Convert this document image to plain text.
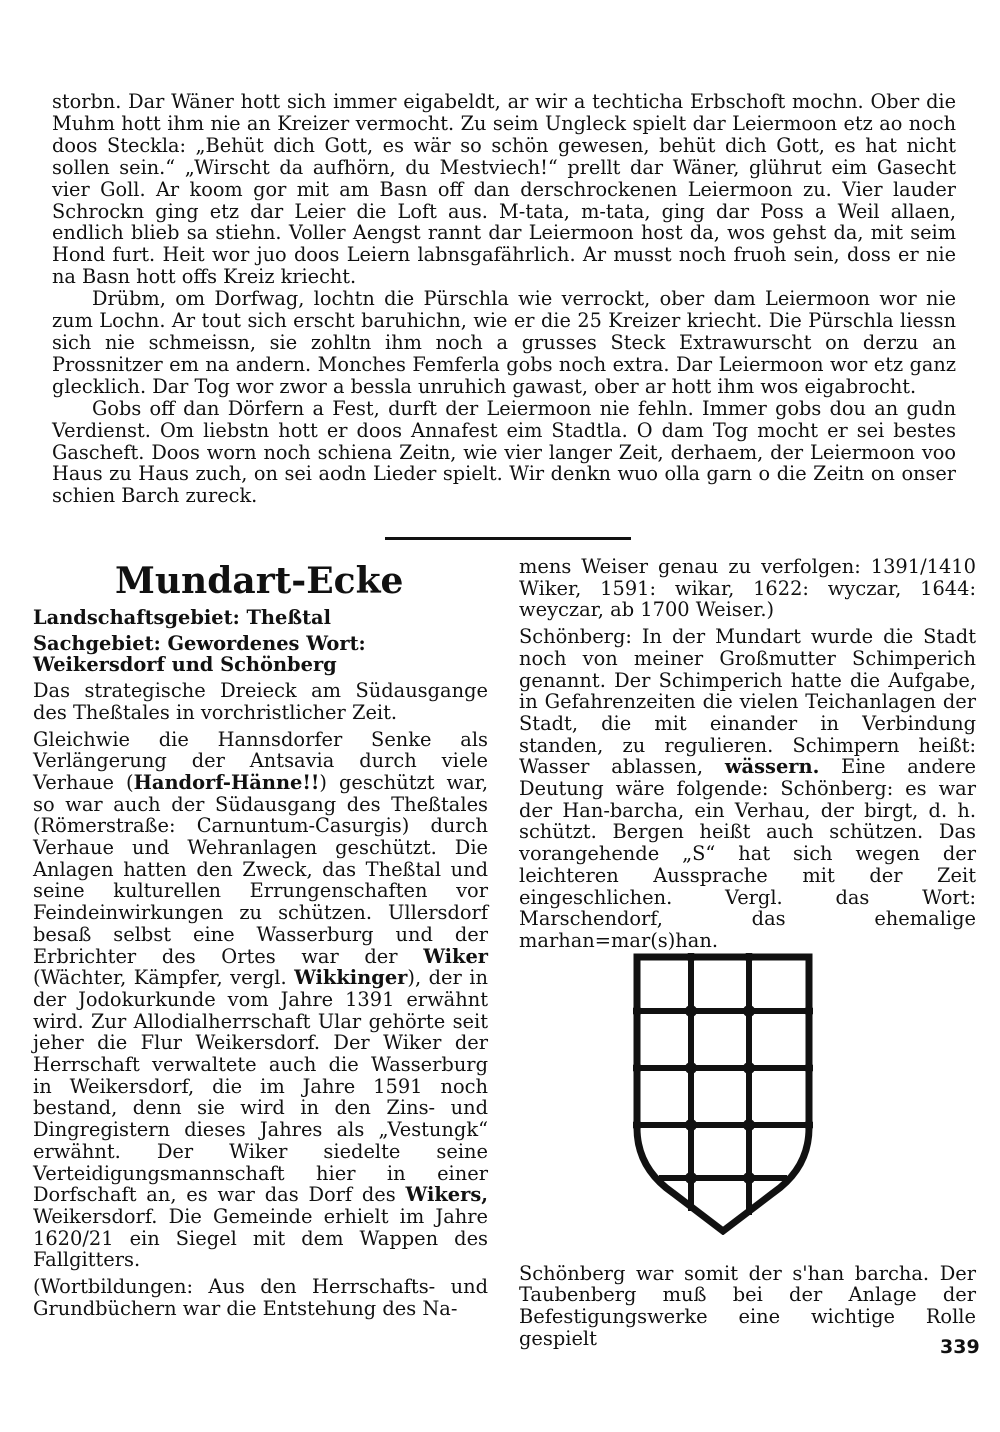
storbn. Dar Wäner hott sich immer eigabeldt, ar wir a techticha Erbschoft mochn. Ober die Muhm hott ihm nie an Kreizer vermocht. Zu seim Ungleck spielt dar Leiermoon etz ao noch doos Steckla: „Behüt dich Gott, es wär so schön gewesen, behüt dich Gott, es hat nicht sollen sein.“ „Wirscht da aufhörn, du Mestviech!“ prellt dar Wäner, glührut eim Gasecht vier Goll. Ar koom gor mit am Basn off dan derschrockenen Leiermoon zu. Vier lauder Schrockn ging etz dar Leier die Loft aus. M-tata, m-tata, ging dar Poss a Weil allaen, endlich blieb sa stiehn. Voller Aengst rannt dar Leiermoon host da, wos gehst da, mit seim Hond furt. Heit wor juo doos Leiern labnsgafährlich. Ar musst noch fruoh sein, doss er nie na Basn hott offs Kreiz kriecht.

Drübm, om Dorfwag, lochtn die Pürschla wie verrockt, ober dam Leiermoon wor nie zum Lochn. Ar tout sich erscht baruhichn, wie er die 25 Kreizer kriecht. Die Pürschla liessn sich nie schmeissn, sie zohltn ihm noch a grusses Steck Extrawurscht on derzu an Prossnitzer em na andern. Monches Femferla gobs noch extra. Dar Leiermoon wor etz ganz glecklich. Dar Tog wor zwor a bessla unruhich gawast, ober ar hott ihm wos eigabrocht.

Gobs off dan Dörfern a Fest, durft der Leiermoon nie fehln. Immer gobs dou an gudn Verdienst. Om liebstn hott er doos Annafest eim Stadtla. O dam Tog mocht er sei bestes Gascheft. Doos worn noch schiena Zeitn, wie vier langer Zeit, derhaem, der Leiermoon voo Haus zu Haus zuch, on sei aodn Lieder spielt. Wir denkn wuo olla garn o die Zeitn on onser schien Barch zureck.

Mundart-Ecke

Landschaftsgebiet: Theßtal

Sachgebiet: Gewordenes Wort: Weikersdorf und Schönberg

Das strategische Dreieck am Südausgange des Theßtales in vorchristlicher Zeit.

Gleichwie die Hannsdorfer Senke als Verlängerung der Antsavia durch viele Verhaue (Handorf-Hänne!!) geschützt war, so war auch der Südausgang des Theßtales (Römerstraße: Carnuntum-Casurgis) durch Verhaue und Wehranlagen geschützt. Die Anlagen hatten den Zweck, das Theßtal und seine kulturellen Errungenschaften vor Feindeinwirkungen zu schützen. Ullersdorf besaß selbst eine Wasserburg und der Erbrichter des Ortes war der Wiker (Wächter, Kämpfer, vergl. Wikkinger), der in der Jodokurkunde vom Jahre 1391 erwähnt wird. Zur Allodialherrschaft Ular gehörte seit jeher die Flur Weikersdorf. Der Wiker der Herrschaft verwaltete auch die Wasserburg in Weikersdorf, die im Jahre 1591 noch bestand, denn sie wird in den Zins- und Dingregistern dieses Jahres als „Vestungk“ erwähnt. Der Wiker siedelte seine Verteidigungsmannschaft hier in einer Dorfschaft an, es war das Dorf des Wikers, Weikersdorf. Die Gemeinde erhielt im Jahre 1620/21 ein Siegel mit dem Wappen des Fallgitters.

(Wortbildungen: Aus den Herrschafts- und Grundbüchern war die Entstehung des Na-

mens Weiser genau zu verfolgen: 1391/1410 Wiker, 1591: wikar, 1622: wyczar, 1644: weyczar, ab 1700 Weiser.)

Schönberg: In der Mundart wurde die Stadt noch von meiner Großmutter Schimperich genannt. Der Schimperich hatte die Aufgabe, in Gefahrenzeiten die vielen Teichanlagen der Stadt, die mit einander in Verbindung standen, zu regulieren. Schimpern heißt: Wasser ablassen, wässern. Eine andere Deutung wäre folgende: Schönberg: es war der Han-barcha, ein Verhau, der birgt, d. h. schützt. Bergen heißt auch schützen. Das vorangehende „S“ hat sich wegen der leichteren Aussprache mit der Zeit eingeschlichen. Vergl. das Wort: Marschendorf, das ehemalige marhan=mar(s)han.

Schönberg war somit der s'han barcha. Der Taubenberg muß bei der Anlage der Befestigungswerke eine wichtige Rolle gespielt	339
